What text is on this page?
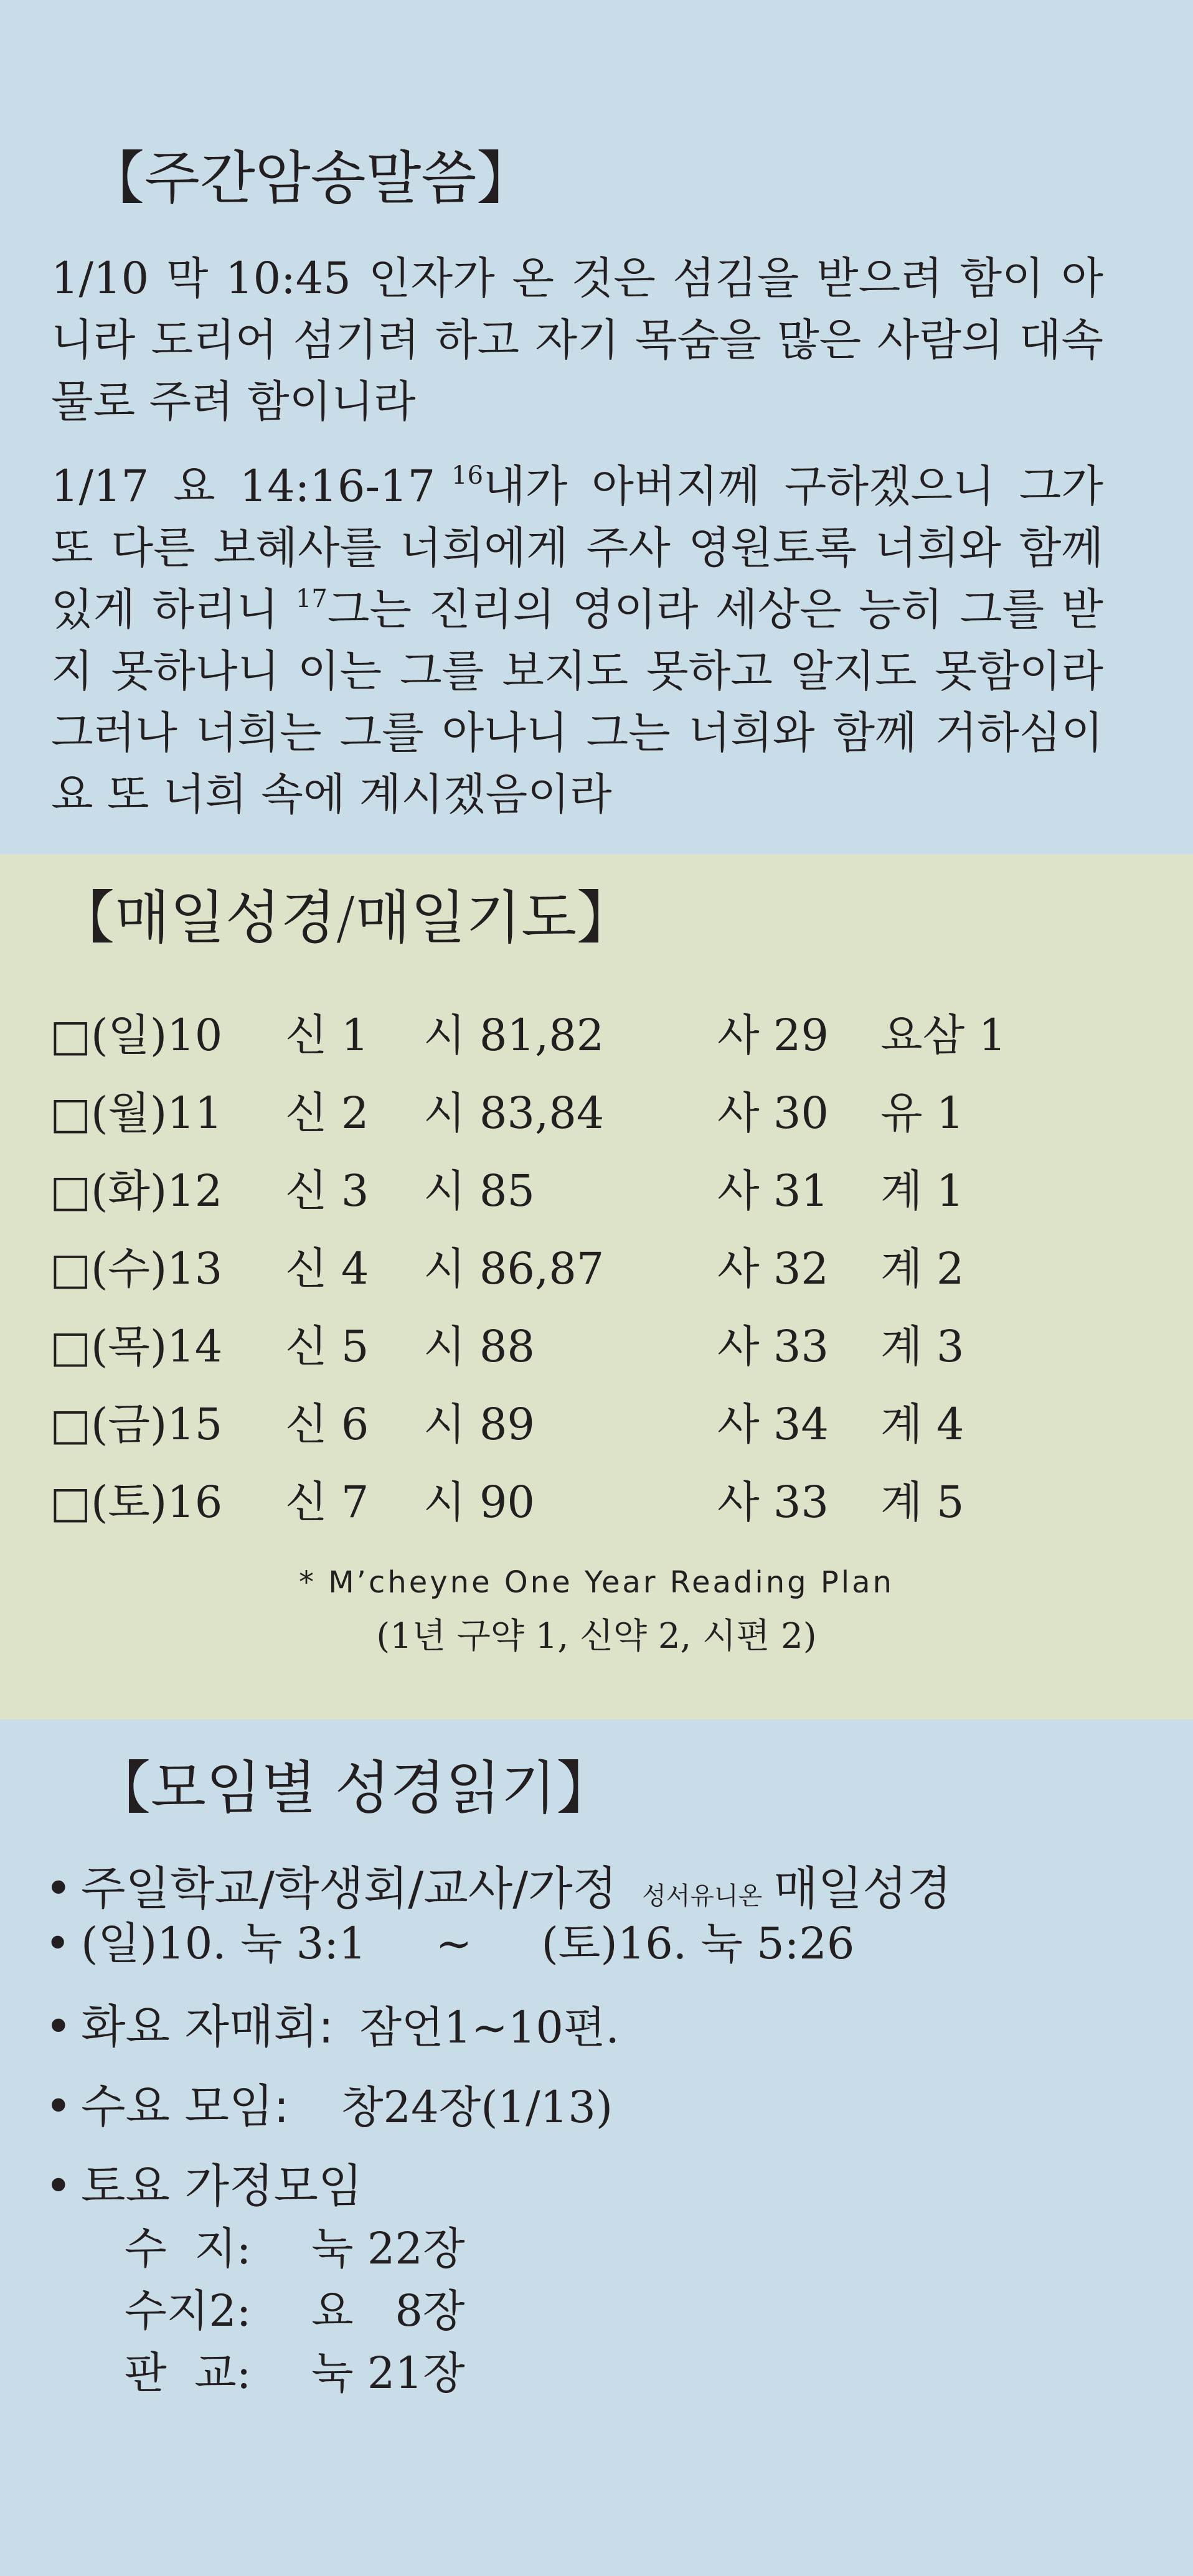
【주간암송말씀】
1/10 막 10:45 인자가 온 것은 섬김을 받으려 함이 아니라 도리어 섬기려 하고 자기 목숨을 많은 사람의 대속물로 주려 함이니라
1/17 요 14:16-17 $^{16}$내가 아버지께 구하겠으니 그가 또 다른 보혜사를 너희에게 주사 영원토록 너희와 함께 있게 하리니 $^{17}$그는 진리의 영이라 세상은 능히 그를 받지 못하나니 이는 그를 보지도 못하고 알지도 못함이라 그러나 너희는 그를 아나니 그는 너희와 함께 거하심이요 또 너희 속에 계시겠음이라
【매일성경/매일기도】
□ (일)10 신 1 시 81,82	사 29 요삼 1
□ (월)11 신 2 시 83,84	사 30 유 1
□ (화)12 신 3 시 85	사 31 계 1
□ (수)13 신 4 시 86,87	사 32 계 2
□ (목)14 신 5 시 88	사 33 계 3
□ (금)15 신 6 시 89	사 34 계 4
□ (토)16 신 7 시 90	사 33 계 5
* M’cheyne One Year Reading Plan
(1년 구약 1, 신약 2, 시편 2)
【모임별 성경읽기】
• 주일학교/학생회/교사/가정 성서유니온 매일성경
• (일)10. 눅 3:1     ~     (토)16. 눅 5:26
• 화요 자매회: 잠언1~10편.
• 수요 모임: 창24장(1/13)
• 토요 가정모임
수  지: 눅 22장
수지2: 요   8장
판  교: 눅 21장
